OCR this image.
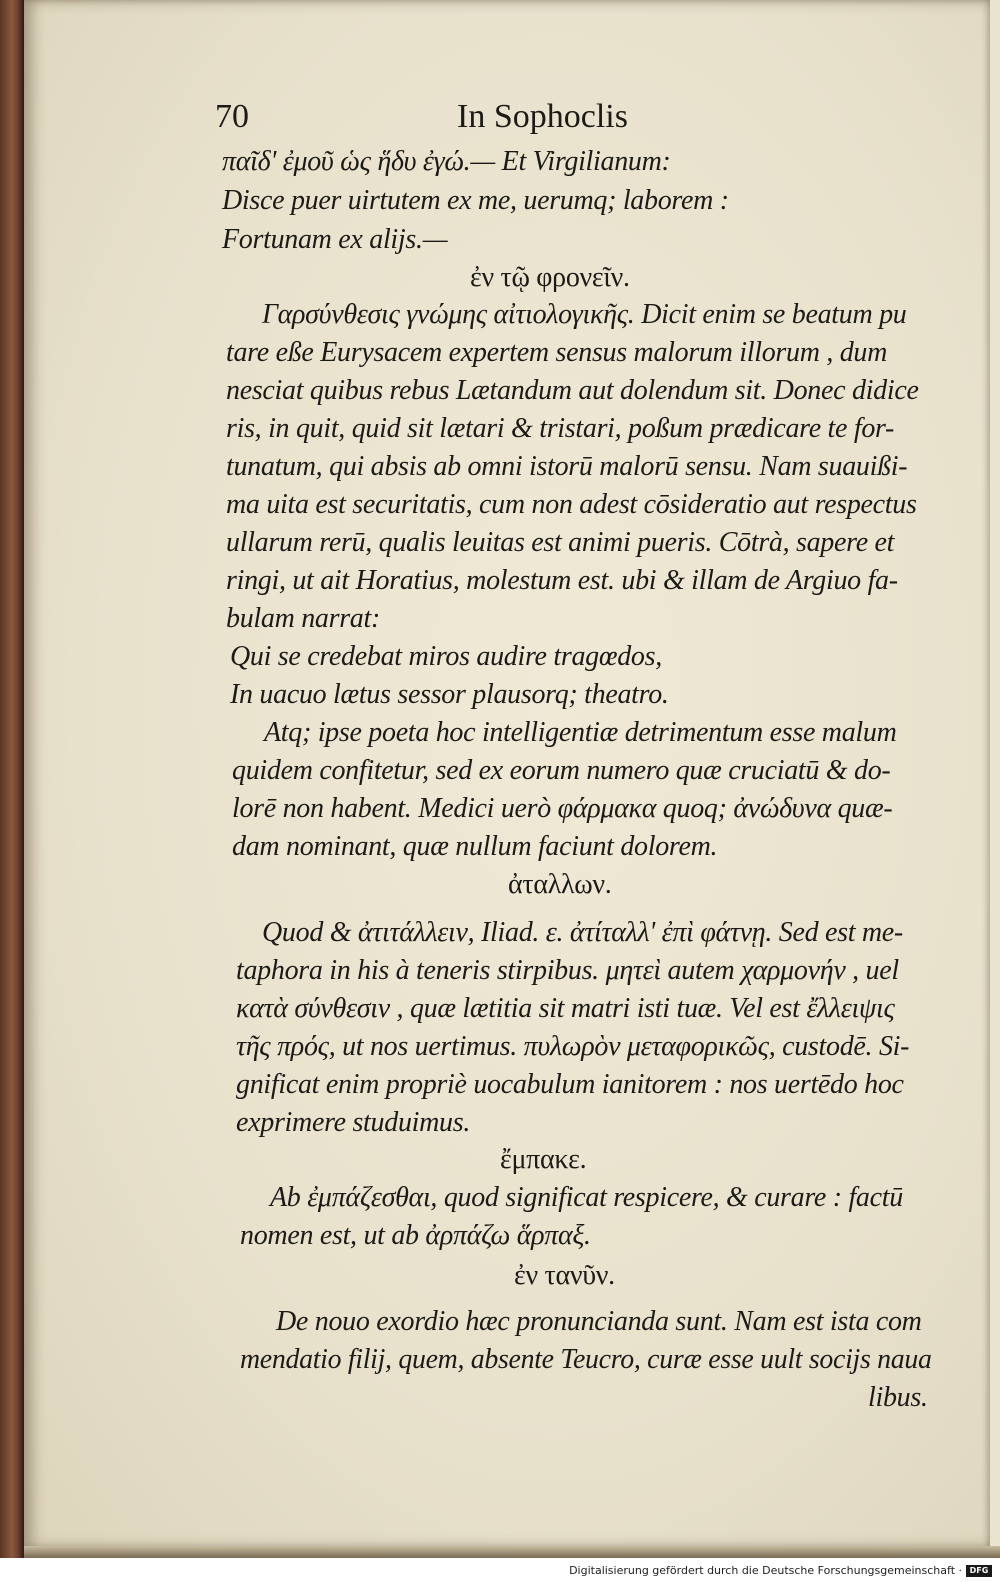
70	In Sophoclis
παῖδ' ἐμοῦ ὡς ἥδυ ἐγώ.— Et Virgilianum:
Disce puer uirtutem ex me, uerumq; laborem :
Fortunam ex alijs.—
ἐν τῷ φρονεῖν.
Γαρσύνθεσις γνώμης αἰτιολογικῆς. Dicit enim se beatum pu
tare eße Eurysacem expertem sensus malorum illorum , dum
nesciat quibus rebus Lætandum aut dolendum sit. Donec didice
ris, in quit, quid sit lætari & tristari, poßum prædicare te for-
tunatum, qui absis ab omni istorū malorū sensu. Nam suauißi-
ma uita est securitatis, cum non adest cōsideratio aut respectus
ullarum rerū, qualis leuitas est animi pueris. Cōtrà, sapere et
ringi, ut ait Horatius, molestum est. ubi & illam de Argiuo fa-
bulam narrat:
Qui se credebat miros audire tragœdos,
In uacuo lætus sessor plausorq; theatro.
Atq; ipse poeta hoc intelligentiæ detrimentum esse malum
quidem confitetur, sed ex eorum numero quæ cruciatū & do-
lorē non habent. Medici uerò φάρμακα quoq; ἀνώδυνα quæ-
dam nominant, quæ nullum faciunt dolorem.
ἀταλλων.
Quod & ἀτιτάλλειν, Iliad. ε. ἀτίταλλ' ἐπὶ φάτνῃ. Sed est me-
taphora in his à teneris stirpibus. μητεὶ autem χαρμονήν , uel
κατὰ σύνθεσιν , quæ lætitia sit matri isti tuæ. Vel est ἔλλειψις
τῆς πρός, ut nos uertimus. πυλωρὸν μεταφορικῶς, custodē. Si-
gnificat enim propriè uocabulum ianitorem : nos uertēdo hoc
exprimere studuimus.
ἔμπακε.
Ab ἐμπάζεσθαι, quod significat respicere, & curare : factū
nomen est, ut ab ἀρπάζω ἅρπαξ.
ἐν τανῦν.
De nouo exordio hæc pronuncianda sunt. Nam est ista com
mendatio filij, quem, absente Teucro, curæ esse uult socijs naua
libus.
Digitalisierung gefördert durch die Deutsche Forschungsgemeinschaft · DFG
